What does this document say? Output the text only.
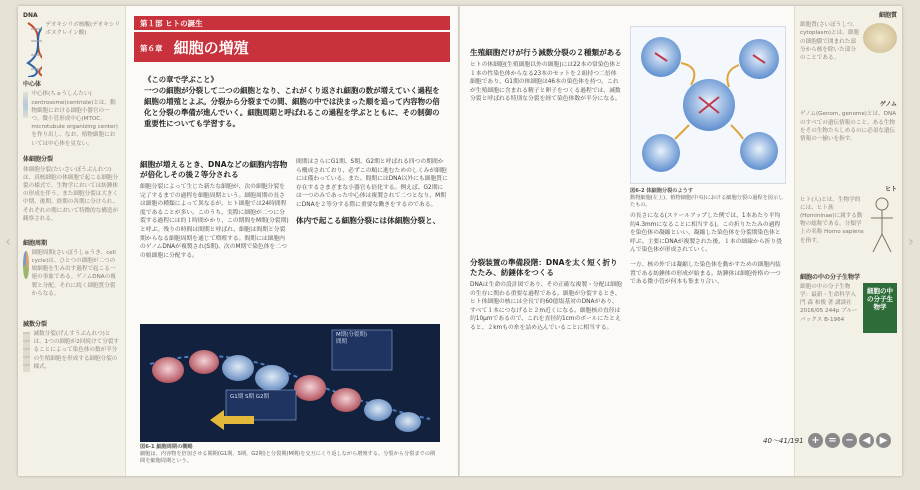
‹	›
DNA
デオキシリボ核酸(デオキシリボヌクレイン酸)
中心体
中心体(ちゅうしんたい) centrosome(centriole)とは、動物細胞における細胞小器官の一つ。微小管形成中心(MTOC, microtubule organizing center)を作り出し、なお、植物細胞においては中心体を見ない。
体細胞分裂
体細胞分裂(たいさいぼうぶんれつ)は、真核細胞の体細胞で起こる細胞分裂の様式で、生物学においては紡錘体の形成を伴う。また細胞分裂は大きく中期、後期、終期の各期に分けられ、それぞれの期において特徴的な構造が観察される。
細胞周期
細胞周期(さいぼうしゅうき、cell cycle)は、ひとつの細胞が二つの娘細胞を生み出す過程で起こる一連の事象である。ゲノムDNAの複製と分配、それに続く細胞質分裂からなる。
減数分裂
減数分裂(げんすうぶんれつ)とは、1つの細胞が2回続けて分裂することによって染色体の数が半分の生殖細胞を形成する細胞分裂の様式。
第１部 ヒトの誕生
第６章 細胞の増殖
《この章で学ぶこと》
一つの細胞が分裂して二つの細胞となり、これがくり返され細胞の数が増えていく過程を細胞の増殖とよぶ。分裂から分裂までの間、細胞の中では決まった順を追って内容物の倍化と分裂の準備が進んでいく。細胞周期と呼ばれるこの過程を学ぶとともに、その制御の重要性についても学習する。
細胞が増えるとき、DNAなどの細胞内容物が倍化しその後２等分される
細胞分裂によって生じた新たな細胞が、次の細胞分裂を完了するまでの過程を細胞周期という。細胞周期の長さは細胞の種類によって異なるが、ヒト細胞では24時間程度であることが多い。このうち、実際に細胞が二つに分裂する過程には約１時間かかり、この期間をM期(分裂期)と呼ぶ。残りの時間は間期と呼ばれ、細胞は間期と分裂期からなる細胞周期を通じて増殖する。間期には細胞内のゲノムDNAが複製され(S期)、次のM期で染色体を二つの娘細胞に分配する。
間期はさらにG1期、S期、G2期と呼ばれる四つの期間から構成されており、必ずこの順に進むためのしくみが細胞には備わっている。また、間期にはDNA以外にも細胞質に存在するさまざまな小器官も倍化する。例えば、G2期には一つのみであった中心体は複製されて二つとなり、M期にDNAを２等分する際に重要な働きをするのである。
体内で起こる細胞分裂には体細胞分裂と、
M期(分裂期)
間期
G1期 S期 G2期
図6-1 細胞周期の概略
細胞は、内容物を倍加させる間期(G1期、S期、G2期)と分裂期(M期)を交互にくり返しながら増殖する。分裂から分裂までの期間を細胞周期という。
生殖細胞だけが行う減数分裂の２種類がある
ヒトの体細胞(生殖細胞以外の細胞)には22本の常染色体と１本の性染色体からなる23本のセットを２組持つ二倍体細胞であり、G1期の体細胞は46本の染色体を持つ。これが生殖細胞に含まれる精子と卵子をつくる過程では、減数分裂と呼ばれる特別な分裂を経て染色体数が半分になる。
図6-2 体細胞分裂のようす
動物細胞(左上)、植物細胞(中央)における細胞分裂の過程を図示したもの。
分裂装置の準備段階：DNAを太く短く折りたたみ、紡錘体をつくる
DNAは生命の設計図であり、その正確な複製・分配は細胞の生存に関わる重要な過程である。細胞が分裂するとき、ヒト体細胞の核には全長で約60億塩基対のDNAがあり、すべて１本につなげると２m近くになる。細胞核の直径は約10μmであるので、これを直径約1cmのボールにたとえると、２kmもの糸を詰め込んでいることに相当する。
の長さになる(スケールアップした例では、1本あたり平均約4.3mmになることに相当する)。この折りたたみの過程を染色体の凝縮といい、凝縮した染色体を分裂期染色体と呼ぶ。主要にDNAが複製された後、１本の細線から折り畳んで染色体が形成されていく。
一方、核の外では凝縮した染色体を動かすための細胞内装置である紡錘体の形成が始まる。紡錘体は細胞骨格の一つである微小管が何本も集まり合い、
細胞質
細胞質(さいぼうしつ、cytoplasm)とは、細胞の細胞膜で囲まれた部分から核を除いた部分のことである。
ゲノム
ゲノム(Genom, genome)とは、DNAのすべての遺伝情報のこと。ある生物をその生物たらしめるのに必須な遺伝情報の一揃いを指す。
ヒト
ヒト(人)とは、生物学的には、ヒト族(Homininae)に属する動物の総称である。分類学上の名称 Homo sapiens を指す。
細胞の中の分子生物学
細胞の中の分子生物学：最新・生命科学入門 森 和俊 著 講談社 2016/05 244p ブルーバックス B-1964
細胞の中の分子生物学
40〜41/191 + = − ◀ ▶
